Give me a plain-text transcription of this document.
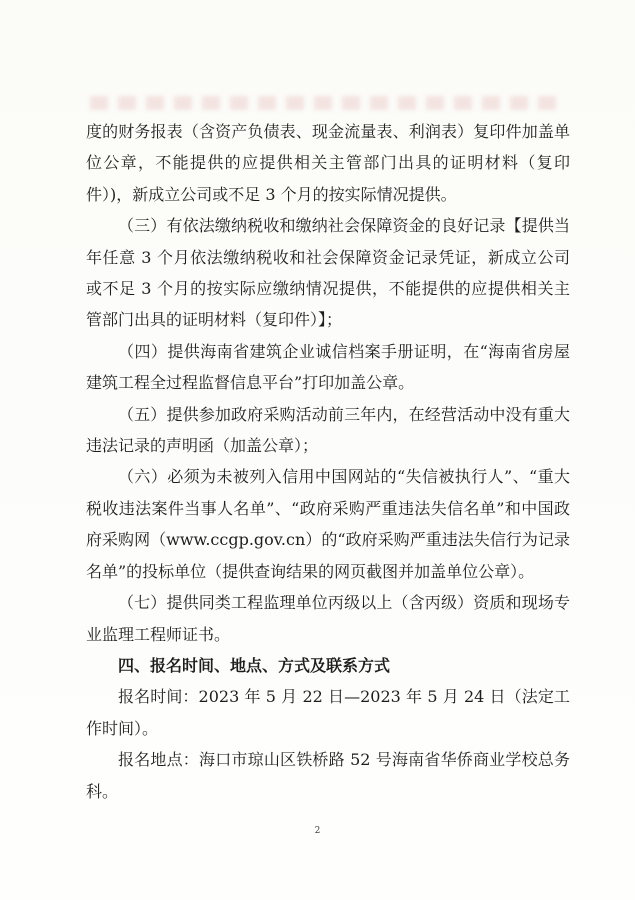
度的财务报表（含资产负债表、现金流量表、利润表）复印件加盖单位公章，不能提供的应提供相关主管部门出具的证明材料（复印件）)，新成立公司或不足 3 个月的按实际情况提供。

（三）有依法缴纳税收和缴纳社会保障资金的良好记录【提供当年任意 3 个月依法缴纳税收和社会保障资金记录凭证，新成立公司或不足 3 个月的按实际应缴纳情况提供，不能提供的应提供相关主管部门出具的证明材料（复印件）】；

（四）提供海南省建筑企业诚信档案手册证明，在“海南省房屋建筑工程全过程监督信息平台”打印加盖公章。

（五）提供参加政府采购活动前三年内，在经营活动中没有重大违法记录的声明函（加盖公章）；

（六）必须为未被列入信用中国网站的“失信被执行人”、“重大税收违法案件当事人名单”、“政府采购严重违法失信名单”和中国政府采购网（www.ccgp.gov.cn）的“政府采购严重违法失信行为记录名单”的投标单位（提供查询结果的网页截图并加盖单位公章）。

（七）提供同类工程监理单位丙级以上（含丙级）资质和现场专业监理工程师证书。

四、报名时间、地点、方式及联系方式

报名时间：2023 年 5 月 22 日—2023 年 5 月 24 日（法定工作时间）。

报名地点：海口市琼山区铁桥路 52 号海南省华侨商业学校总务科。

2
